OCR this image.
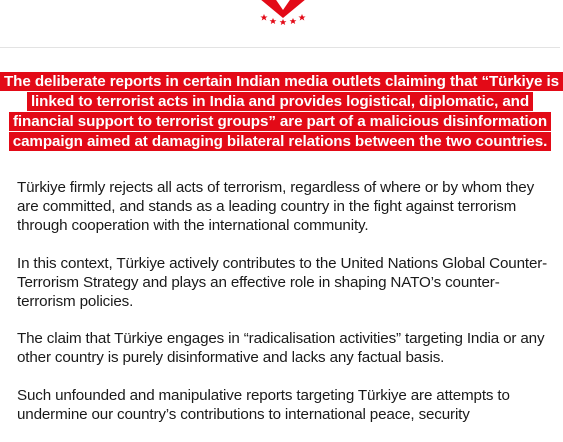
The deliberate reports in certain Indian media outlets claiming that “Türkiye is linked to terrorist acts in India and provides logistical, diplomatic, and financial support to terrorist groups” are part of a malicious disinformation campaign aimed at damaging bilateral relations between the two countries.

Türkiye firmly rejects all acts of terrorism, regardless of where or by whom they are committed, and stands as a leading country in the fight against terrorism through cooperation with the international community.

In this context, Türkiye actively contributes to the United Nations Global Counter-Terrorism Strategy and plays an effective role in shaping NATO’s counter-terrorism policies.

The claim that Türkiye engages in “radicalisation activities” targeting India or any other country is purely disinformative and lacks any factual basis.

Such unfounded and manipulative reports targeting Türkiye are attempts to undermine our country’s contributions to international peace, security
